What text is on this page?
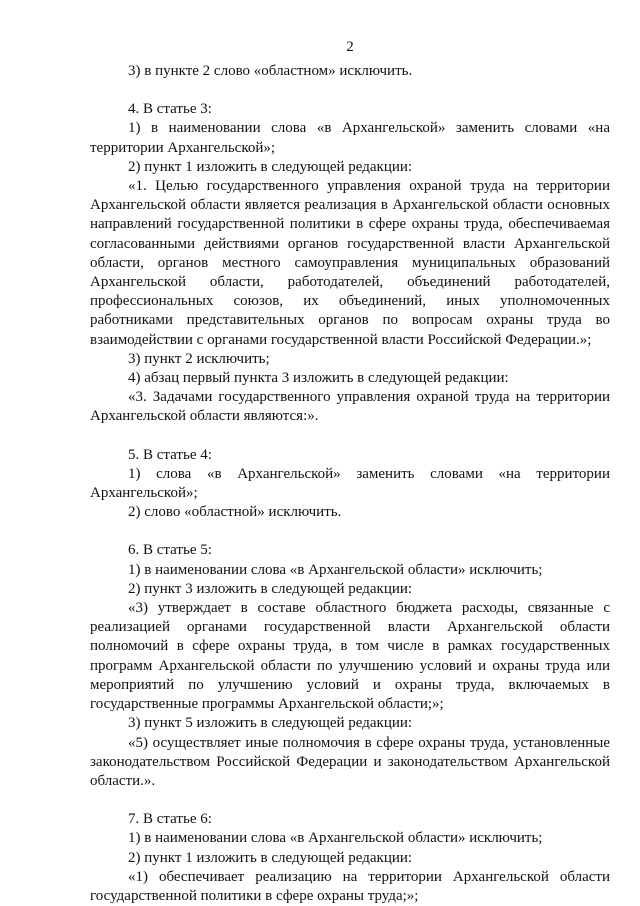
2

3) в пункте 2 слово «областном» исключить.

4. В статье 3:

1) в наименовании слова «в Архангельской» заменить словами «на территории Архангельской»;

2) пункт 1 изложить в следующей редакции:

«1. Целью государственного управления охраной труда на территории Архангельской области является реализация в Архангельской области основных направлений государственной политики в сфере охраны труда, обеспечиваемая согласованными действиями органов государственной власти Архангельской области, органов местного самоуправления муниципальных образований Архангельской области, работодателей, объединений работодателей, профессиональных союзов, их объединений, иных уполномоченных работниками представительных органов по вопросам охраны труда во взаимодействии с органами государственной власти Российской Федерации.»;

3) пункт 2 исключить;

4) абзац первый пункта 3 изложить в следующей редакции:

«3. Задачами государственного управления охраной труда на территории Архангельской области являются:».

5. В статье 4:

1) слова «в Архангельской» заменить словами «на территории Архангельской»;

2) слово «областной» исключить.

6. В статье 5:

1) в наименовании слова «в Архангельской области» исключить;

2) пункт 3 изложить в следующей редакции:

«3) утверждает в составе областного бюджета расходы, связанные с реализацией органами государственной власти Архангельской области полномочий в сфере охраны труда, в том числе в рамках государственных программ Архангельской области по улучшению условий и охраны труда или мероприятий по улучшению условий и охраны труда, включаемых в государственные программы Архангельской области;»;

3) пункт 5 изложить в следующей редакции:

«5) осуществляет иные полномочия в сфере охраны труда, установленные законодательством Российской Федерации и законодательством Архангельской области.».

7. В статье 6:

1) в наименовании слова «в Архангельской области» исключить;

2) пункт 1 изложить в следующей редакции:

«1) обеспечивает реализацию на территории Архангельской области государственной политики в сфере охраны труда;»;
